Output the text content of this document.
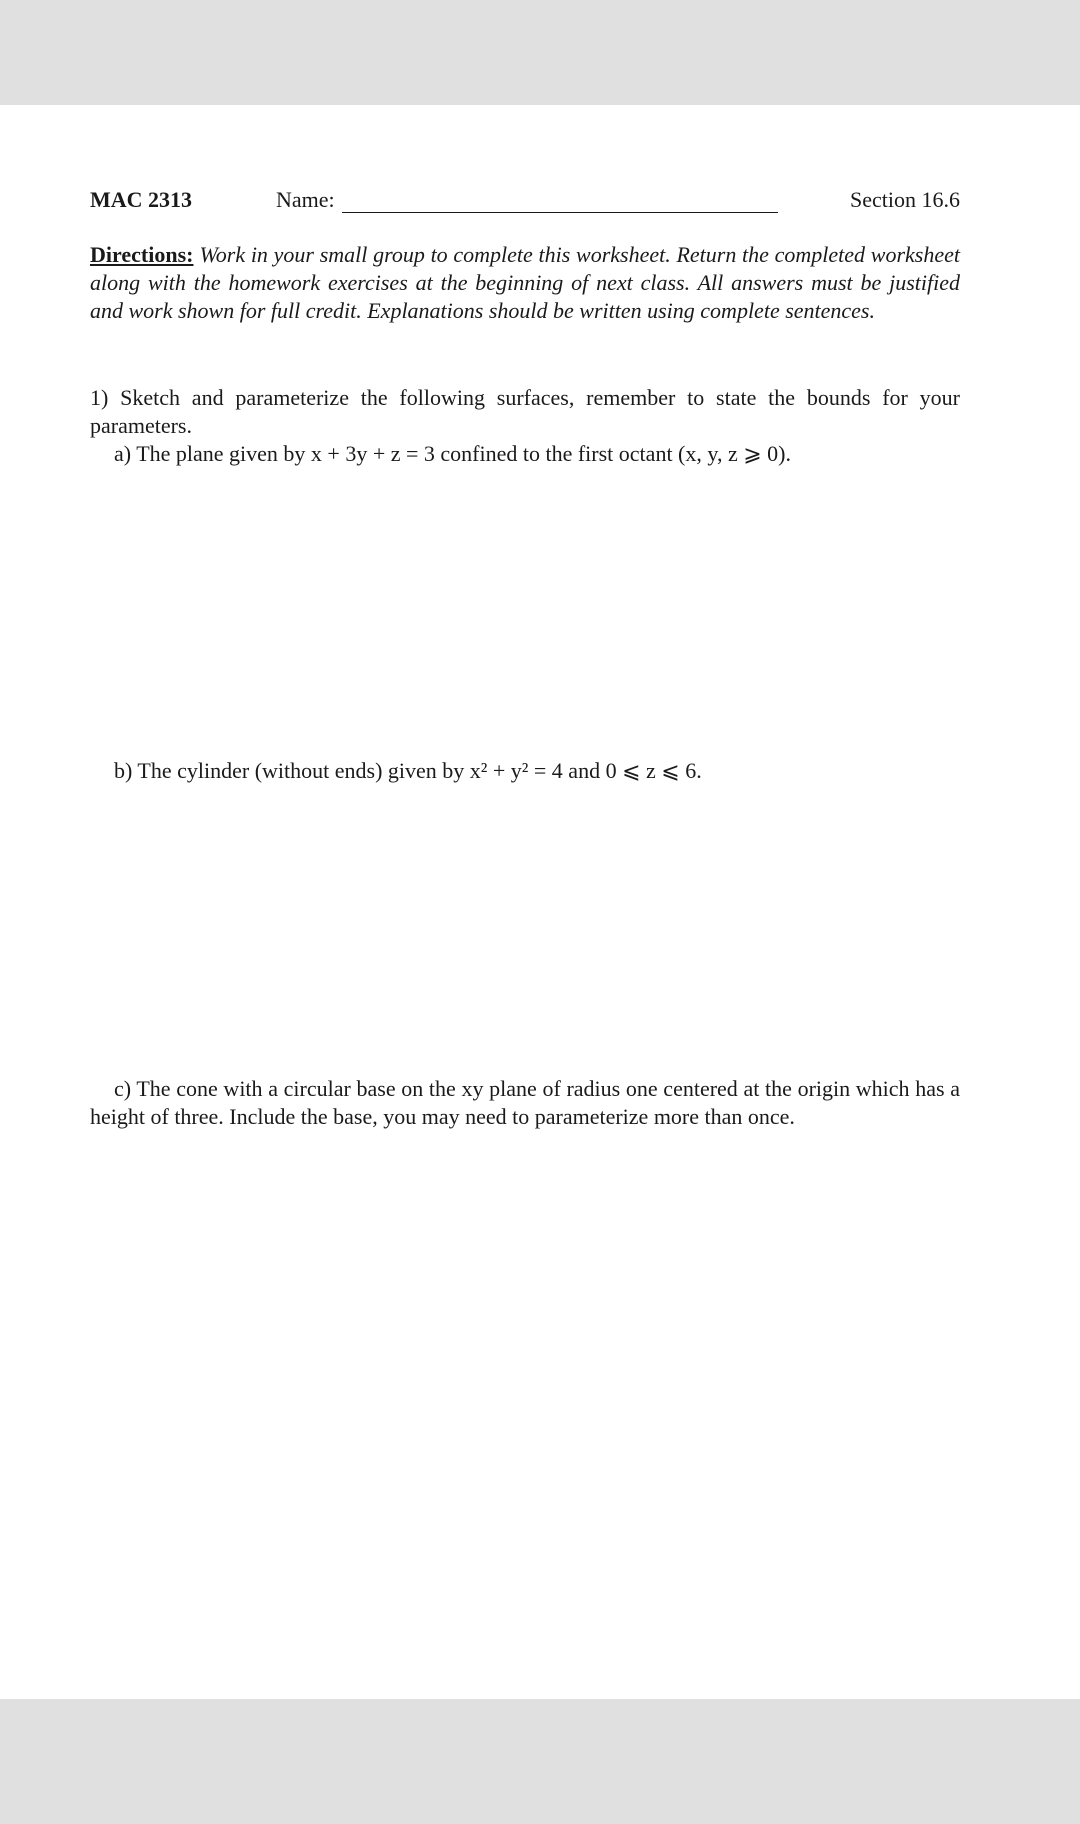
MAC 2313	Name:	Section 16.6
Directions: Work in your small group to complete this worksheet. Return the completed worksheet along with the homework exercises at the beginning of next class. All answers must be justified and work shown for full credit. Explanations should be written using complete sentences.
1) Sketch and parameterize the following surfaces, remember to state the bounds for your parameters.
a) The plane given by x + 3y + z = 3 confined to the first octant (x, y, z ⩾ 0).
b) The cylinder (without ends) given by x² + y² = 4 and 0 ⩽ z ⩽ 6.
c) The cone with a circular base on the xy plane of radius one centered at the origin which has a height of three. Include the base, you may need to parameterize more than once.
